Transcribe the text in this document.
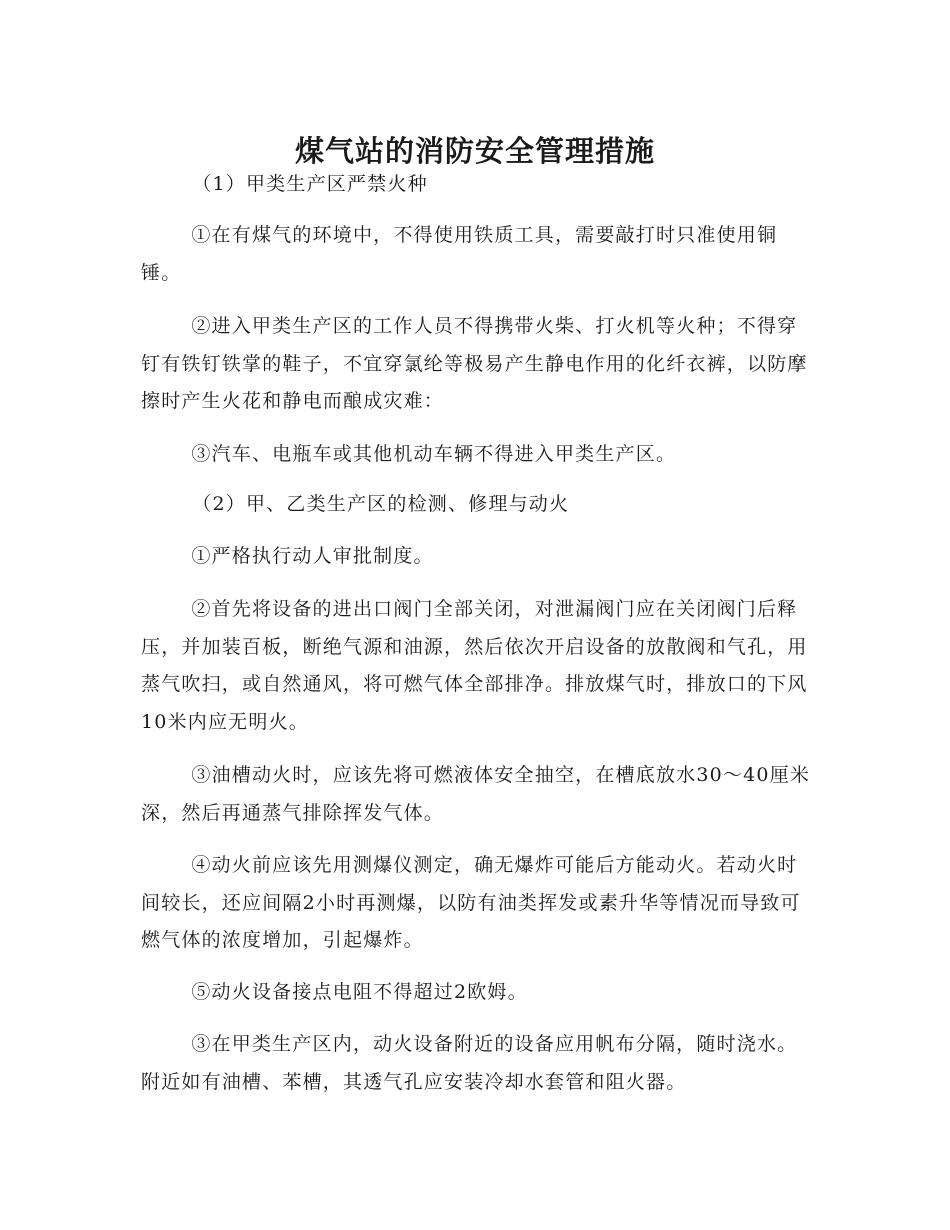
煤气站的消防安全管理措施

（1）甲类生产区严禁火种

①在有煤气的环境中，不得使用铁质工具，需要敲打时只准使用铜锤。

②进入甲类生产区的工作人员不得携带火柴、打火机等火种；不得穿钉有铁钉铁掌的鞋子，不宜穿氯纶等极易产生静电作用的化纤衣裤，以防摩擦时产生火花和静电而酿成灾难：

③汽车、电瓶车或其他机动车辆不得进入甲类生产区。

（2）甲、乙类生产区的检测、修理与动火

①严格执行动人审批制度。

②首先将设备的进出口阀门全部关闭，对泄漏阀门应在关闭阀门后释压，并加装百板，断绝气源和油源，然后依次开启设备的放散阀和气孔，用蒸气吹扫，或自然通风，将可燃气体全部排净。排放煤气时，排放口的下风10米内应无明火。

③油槽动火时，应该先将可燃液体安全抽空，在槽底放水30～40厘米深，然后再通蒸气排除挥发气体。

④动火前应该先用测爆仪测定，确无爆炸可能后方能动火。若动火时间较长，还应间隔2小时再测爆，以防有油类挥发或素升华等情况而导致可燃气体的浓度增加，引起爆炸。

⑤动火设备接点电阻不得超过2欧姆。

③在甲类生产区内，动火设备附近的设备应用帆布分隔，随时浇水。附近如有油槽、苯槽，其透气孔应安装冷却水套管和阻火器。
